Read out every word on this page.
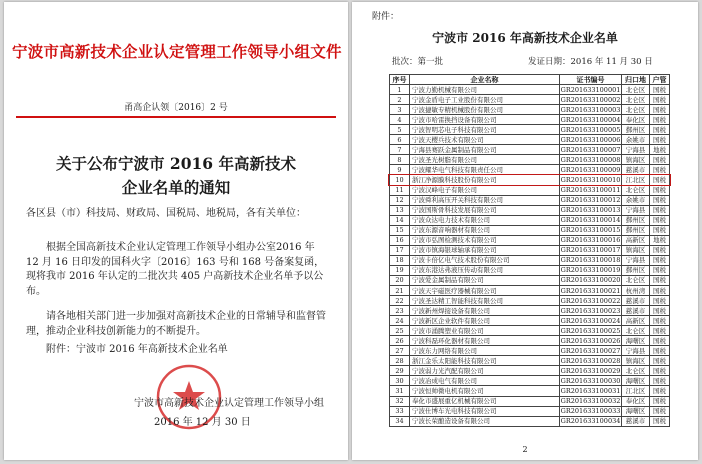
宁波市高新技术企业认定管理工作领导小组文件
甬高企认领〔2016〕2 号
关于公布宁波市 2016 年高新技术
企业名单的通知
各区县（市）科技局、财政局、国税局、地税局，各有关单位：
根据全国高新技术企业认定管理工作领导小组办公室2016 年 12 月 16 日印发的国科火字〔2016〕163 号和 168 号备案复函，现将我市 2016 年认定的二批次共 405 户高新技术企业名单予以公布。
请各地相关部门进一步加强对高新技术企业的日常辅导和监督管理，推动企业科技创新能力的不断提升。
附件：宁波市 2016 年高新技术企业名单
宁波市高新技术企业认定管理工作领导小组
2016 年 12 月 30 日
附件：
宁波市 2016 年高新技术企业名单
批次：第一批	发证日期：2016 年 11 月 30 日
序号	企业名称	证书编号	归口地	户管
1	宁波力勤机械有限公司	GR201633100001	北仑区	国税
2	宁波金盾电子工业股份有限公司	GR201633100002	北仑区	国税
3	宁波捷敏专精机械股份有限公司	GR201633100003	北仑区	国税
4	宁波市哈雷换挡设备有限公司	GR201633100004	奉化区	国税
5	宁波智明芯电子科技有限公司	GR201633100005	鄞州区	国税
6	宁波天樱兵技术有限公司	GR201633100006	余姚市	国税
7	宁海县赛跃金属制品有限公司	GR201633100007	宁海县	地税
8	宁波圣光树脂有限公司	GR201633100008	镇海区	国税
9	宁波耀华电气科技有限责任公司	GR201633100009	慈溪市	国税
10	浙江净源膜科技股份有限公司	GR201633100010	江北区	国税
11	宁波汉峰电子有限公司	GR201633100011	北仑区	国税
12	宁波舜利高压开关科技有限公司	GR201633100012	余姚市	国税
13	宁波国斯骨科技发展有限公司	GR201633100013	宁海县	国税
14	宁波众达电力技术有限公司	GR201633100014	鄞州区	国税
15	宁波东源音响器材有限公司	GR201633100015	鄞州区	国税
16	宁波市弘图检测技术有限公司	GR201633100016	高新区	地税
17	宁波市镇海银球轴承有限公司	GR201633100017	镇海区	国税
18	宁波卡倍亿电气技术股份有限公司	GR201633100018	宁海县	国税
19	宁波东港达弗液压传动有限公司	GR201633100019	鄞州区	国税
20	宁波爱金属制品有限公司	GR201633100020	北仑区	国税
21	宁波天宇磁医疗器械有限公司	GR201633100021	杭州湾	国税
22	宁波圣达精工智能科技有限公司	GR201633100022	慈溪市	国税
23	宁波新州焊接设备有限公司	GR201633100023	慈溪市	国税
24	宁波新区企业软件有限公司	GR201633100024	高新区	国税
25	宁波市涌腾塑业有限公司	GR201633100025	北仑区	国税
26	宁波科磊环化器材有限公司	GR201633100026	海曙区	国税
27	宁波东力网络有限公司	GR201633100027	宁海县	国税
28	浙江金乐太阳能科技有限公司	GR201633100028	镇海区	国税
29	宁波弱力光汽配有限公司	GR201633100029	北仑区	国税
30	宁波冶成电气有限公司	GR201633100030	海曙区	国税
31	宁波恒帅微电机有限公司	GR201633100031	江北区	国税
32	奉化市盛展重亿机械有限公司	GR201633100032	奉化区	国税
33	宁波仕博车光电科技有限公司	GR201633100033	海曙区	国税
34	宁波长荣酿造设备有限公司	GR201633100034	慈溪市	国税
2
